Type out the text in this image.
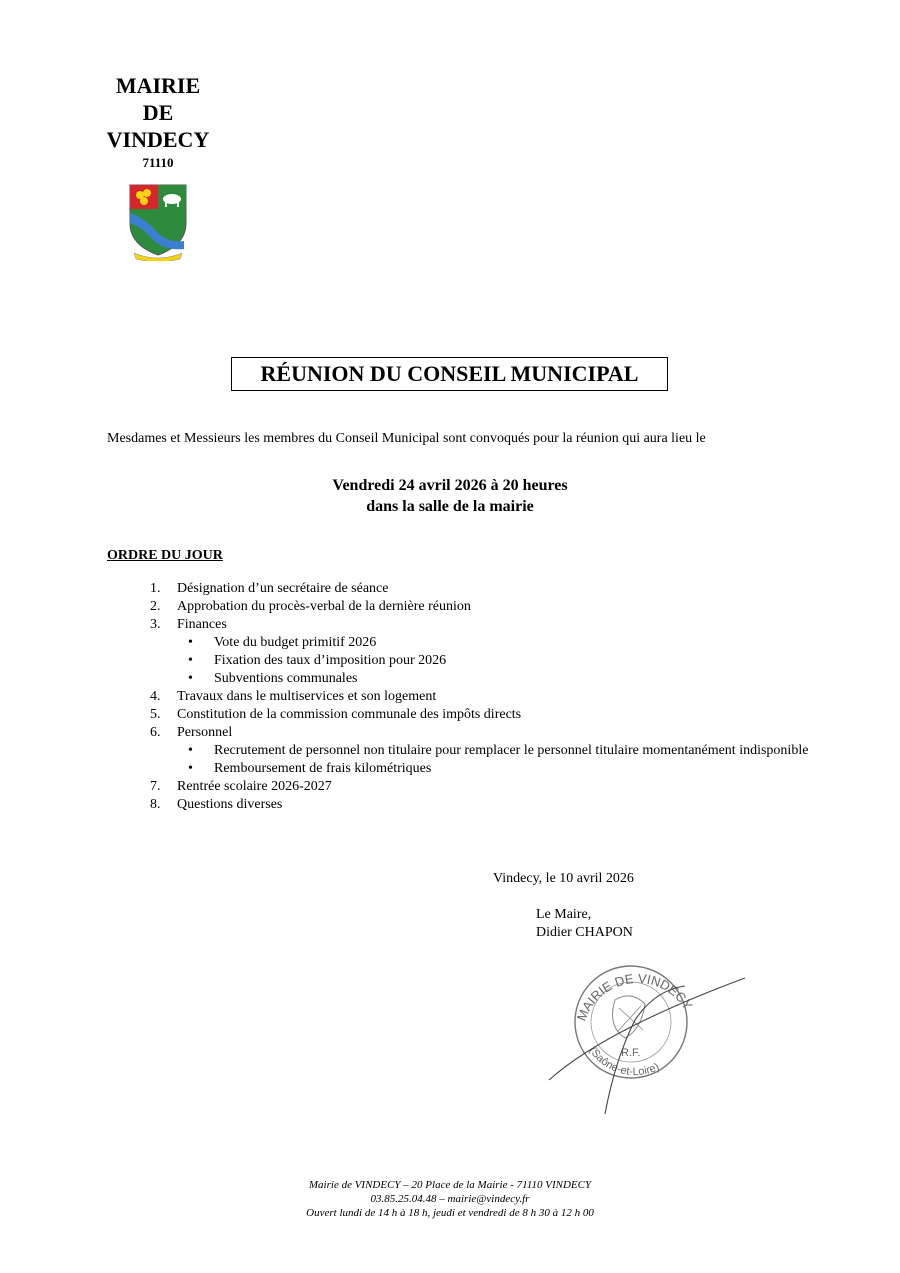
MAIRIE
DE
VINDECY
71110
RÉUNION DU CONSEIL MUNICIPAL
Mesdames et Messieurs les membres du Conseil Municipal sont convoqués pour la réunion qui aura lieu le
Vendredi 24 avril 2026 à 20 heures
dans la salle de la mairie
ORDRE DU JOUR
1. Désignation d’un secrétaire de séance
2. Approbation du procès-verbal de la dernière réunion
3. Finances
• Vote du budget primitif 2026
• Fixation des taux d’imposition pour 2026
• Subventions communales
4. Travaux dans le multiservices et son logement
5. Constitution de la commission communale des impôts directs
6. Personnel
• Recrutement de personnel non titulaire pour remplacer le personnel titulaire momentanément indisponible
• Remboursement de frais kilométriques
7. Rentrée scolaire 2026-2027
8. Questions diverses
Vindecy, le 10 avril 2026
Le Maire,
Didier CHAPON
MAIRIE DE VINDECY
(Saône-et-Loire)
R.F.
Mairie de VINDECY – 20 Place de la Mairie - 71110 VINDECY
03.85.25.04.48 – mairie@vindecy.fr
Ouvert lundi de 14 h à 18 h, jeudi et vendredi de 8 h 30 à 12 h 00
